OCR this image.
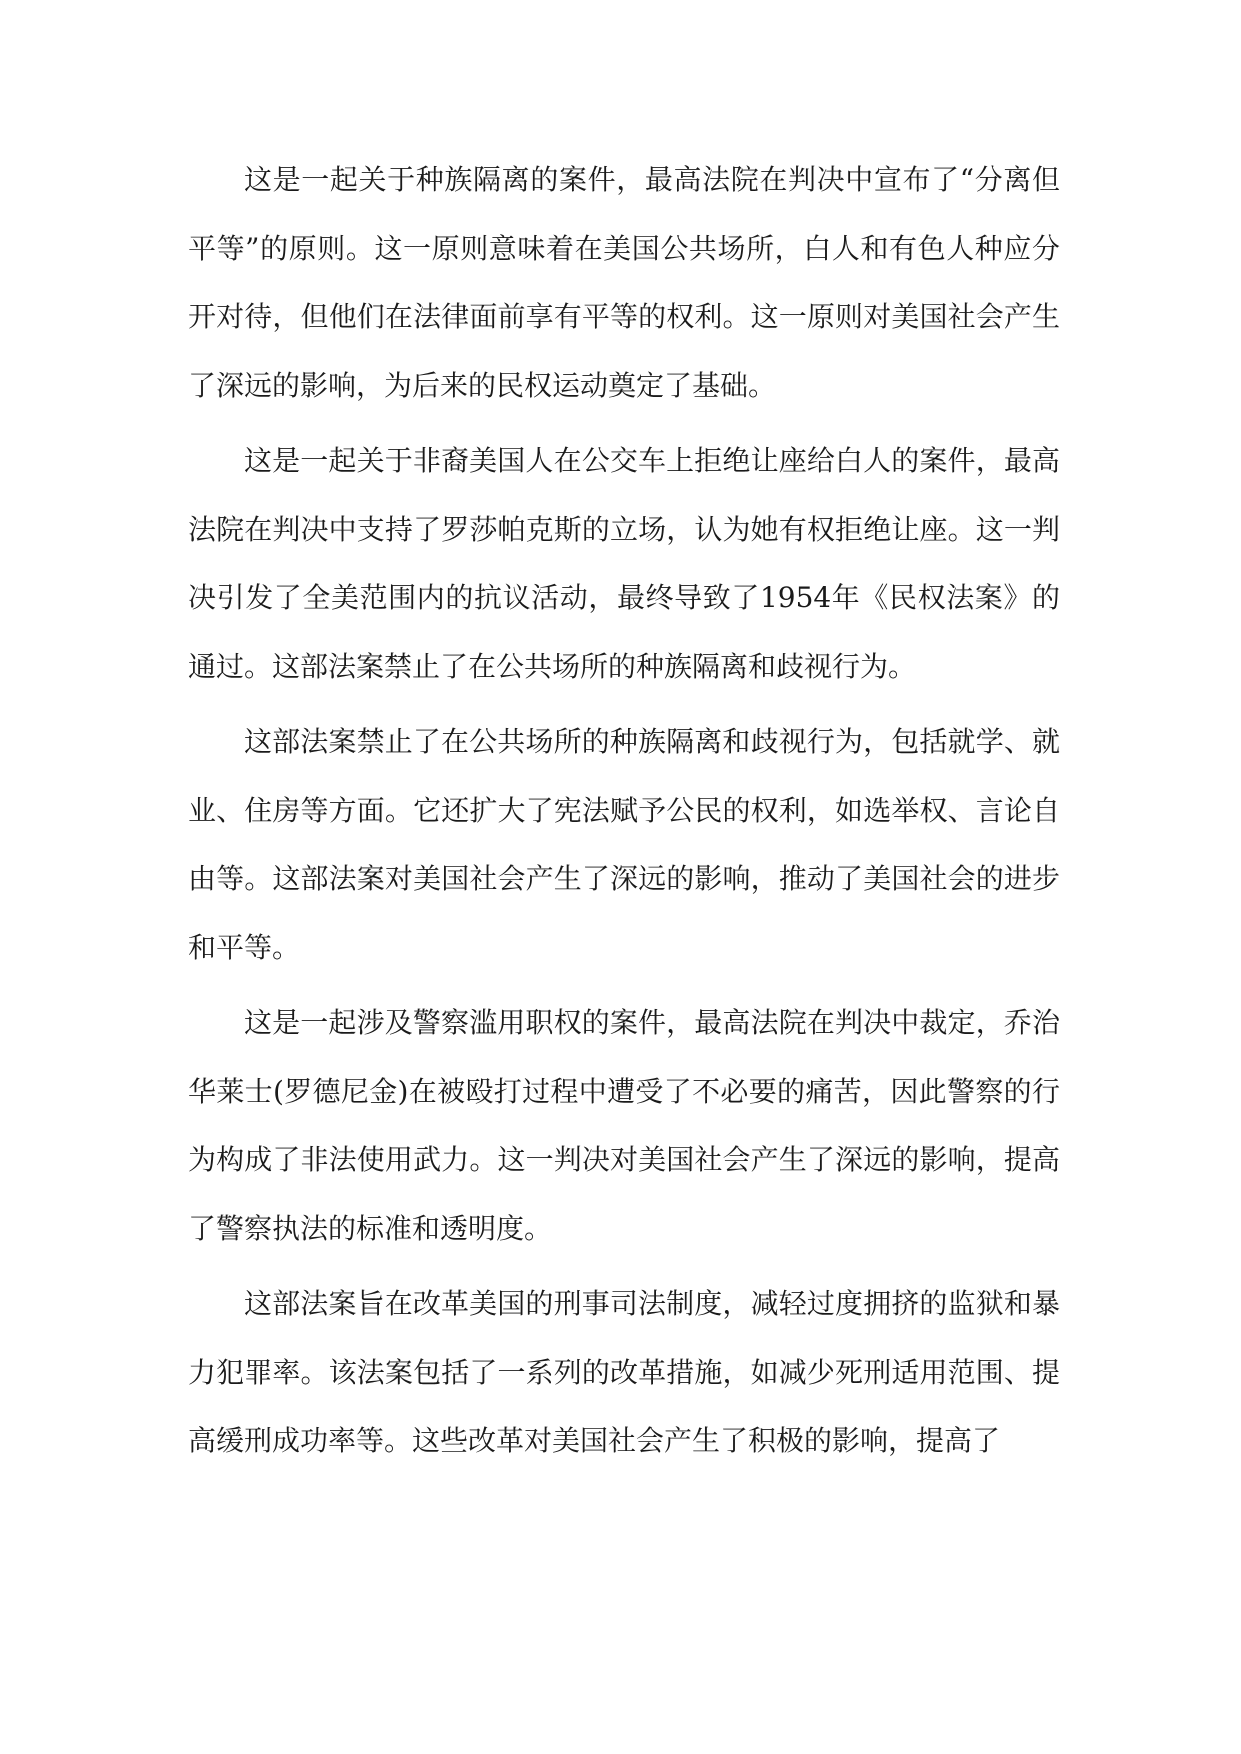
这是一起关于种族隔离的案件，最高法院在判决中宣布了“分离但平等”的原则。这一原则意味着在美国公共场所，白人和有色人种应分开对待，但他们在法律面前享有平等的权利。这一原则对美国社会产生了深远的影响，为后来的民权运动奠定了基础。

这是一起关于非裔美国人在公交车上拒绝让座给白人的案件，最高法院在判决中支持了罗莎帕克斯的立场，认为她有权拒绝让座。这一判决引发了全美范围内的抗议活动，最终导致了1954年《民权法案》的通过。这部法案禁止了在公共场所的种族隔离和歧视行为。

这部法案禁止了在公共场所的种族隔离和歧视行为，包括就学、就业、住房等方面。它还扩大了宪法赋予公民的权利，如选举权、言论自由等。这部法案对美国社会产生了深远的影响，推动了美国社会的进步和平等。

这是一起涉及警察滥用职权的案件，最高法院在判决中裁定，乔治华莱士(罗德尼金)在被殴打过程中遭受了不必要的痛苦，因此警察的行为构成了非法使用武力。这一判决对美国社会产生了深远的影响，提高了警察执法的标准和透明度。

这部法案旨在改革美国的刑事司法制度，减轻过度拥挤的监狱和暴力犯罪率。该法案包括了一系列的改革措施，如减少死刑适用范围、提高缓刑成功率等。这些改革对美国社会产生了积极的影响，提高了
